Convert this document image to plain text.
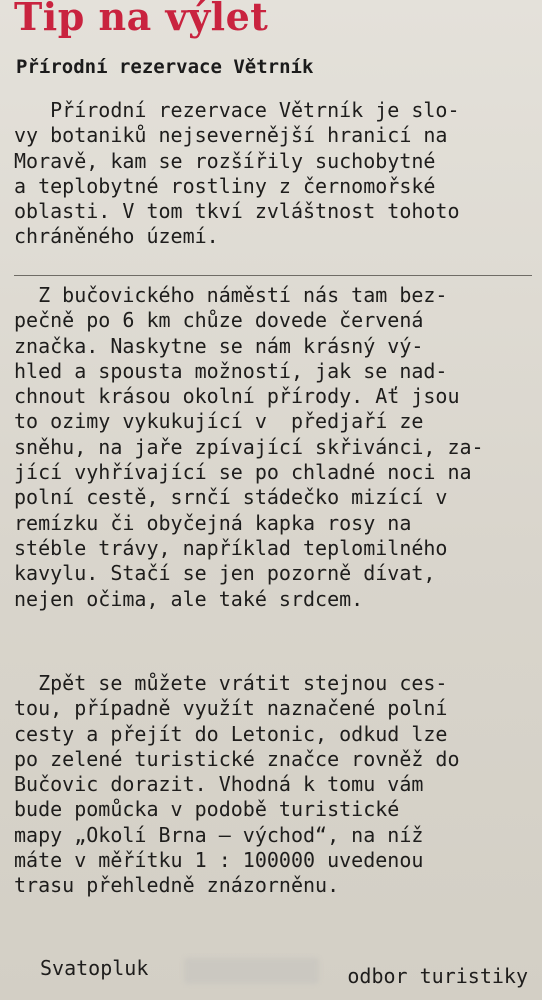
Tip na výlet
Přírodní rezervace Větrník
Přírodní rezervace Větrník je slo-
vy botaniků nejsevernější hranicí na
Moravě, kam se rozšířily suchobytné
a teplobytné rostliny z černomořské
oblasti. V tom tkví zvláštnost tohoto
chráněného území.
Z bučovického náměstí nás tam bez-
pečně po 6 km chůze dovede červená
značka. Naskytne se nám krásný vý-
hled a spousta možností, jak se nad-
chnout krásou okolní přírody. Ať jsou
to ozimy vykukující v  předjaří ze
sněhu, na jaře zpívající skřivánci, za-
jící vyhřívající se po chladné noci na
polní cestě, srnčí stádečko mizící v
remízku či obyčejná kapka rosy na
stéble trávy, například teplomilného
kavylu. Stačí se jen pozorně dívat,
nejen očima, ale také srdcem.
Zpět se můžete vrátit stejnou ces-
tou, případně využít naznačené polní
cesty a přejít do Letonic, odkud lze
po zelené turistické značce rovněž do
Bučovic dorazit. Vhodná k tomu vám
bude pomůcka v podobě turistické
mapy „Okolí Brna — východ“, na níž
máte v měřítku 1 : 100000 uvedenou
trasu přehledně znázorněnu.
Svatopluk	odbor turistiky
